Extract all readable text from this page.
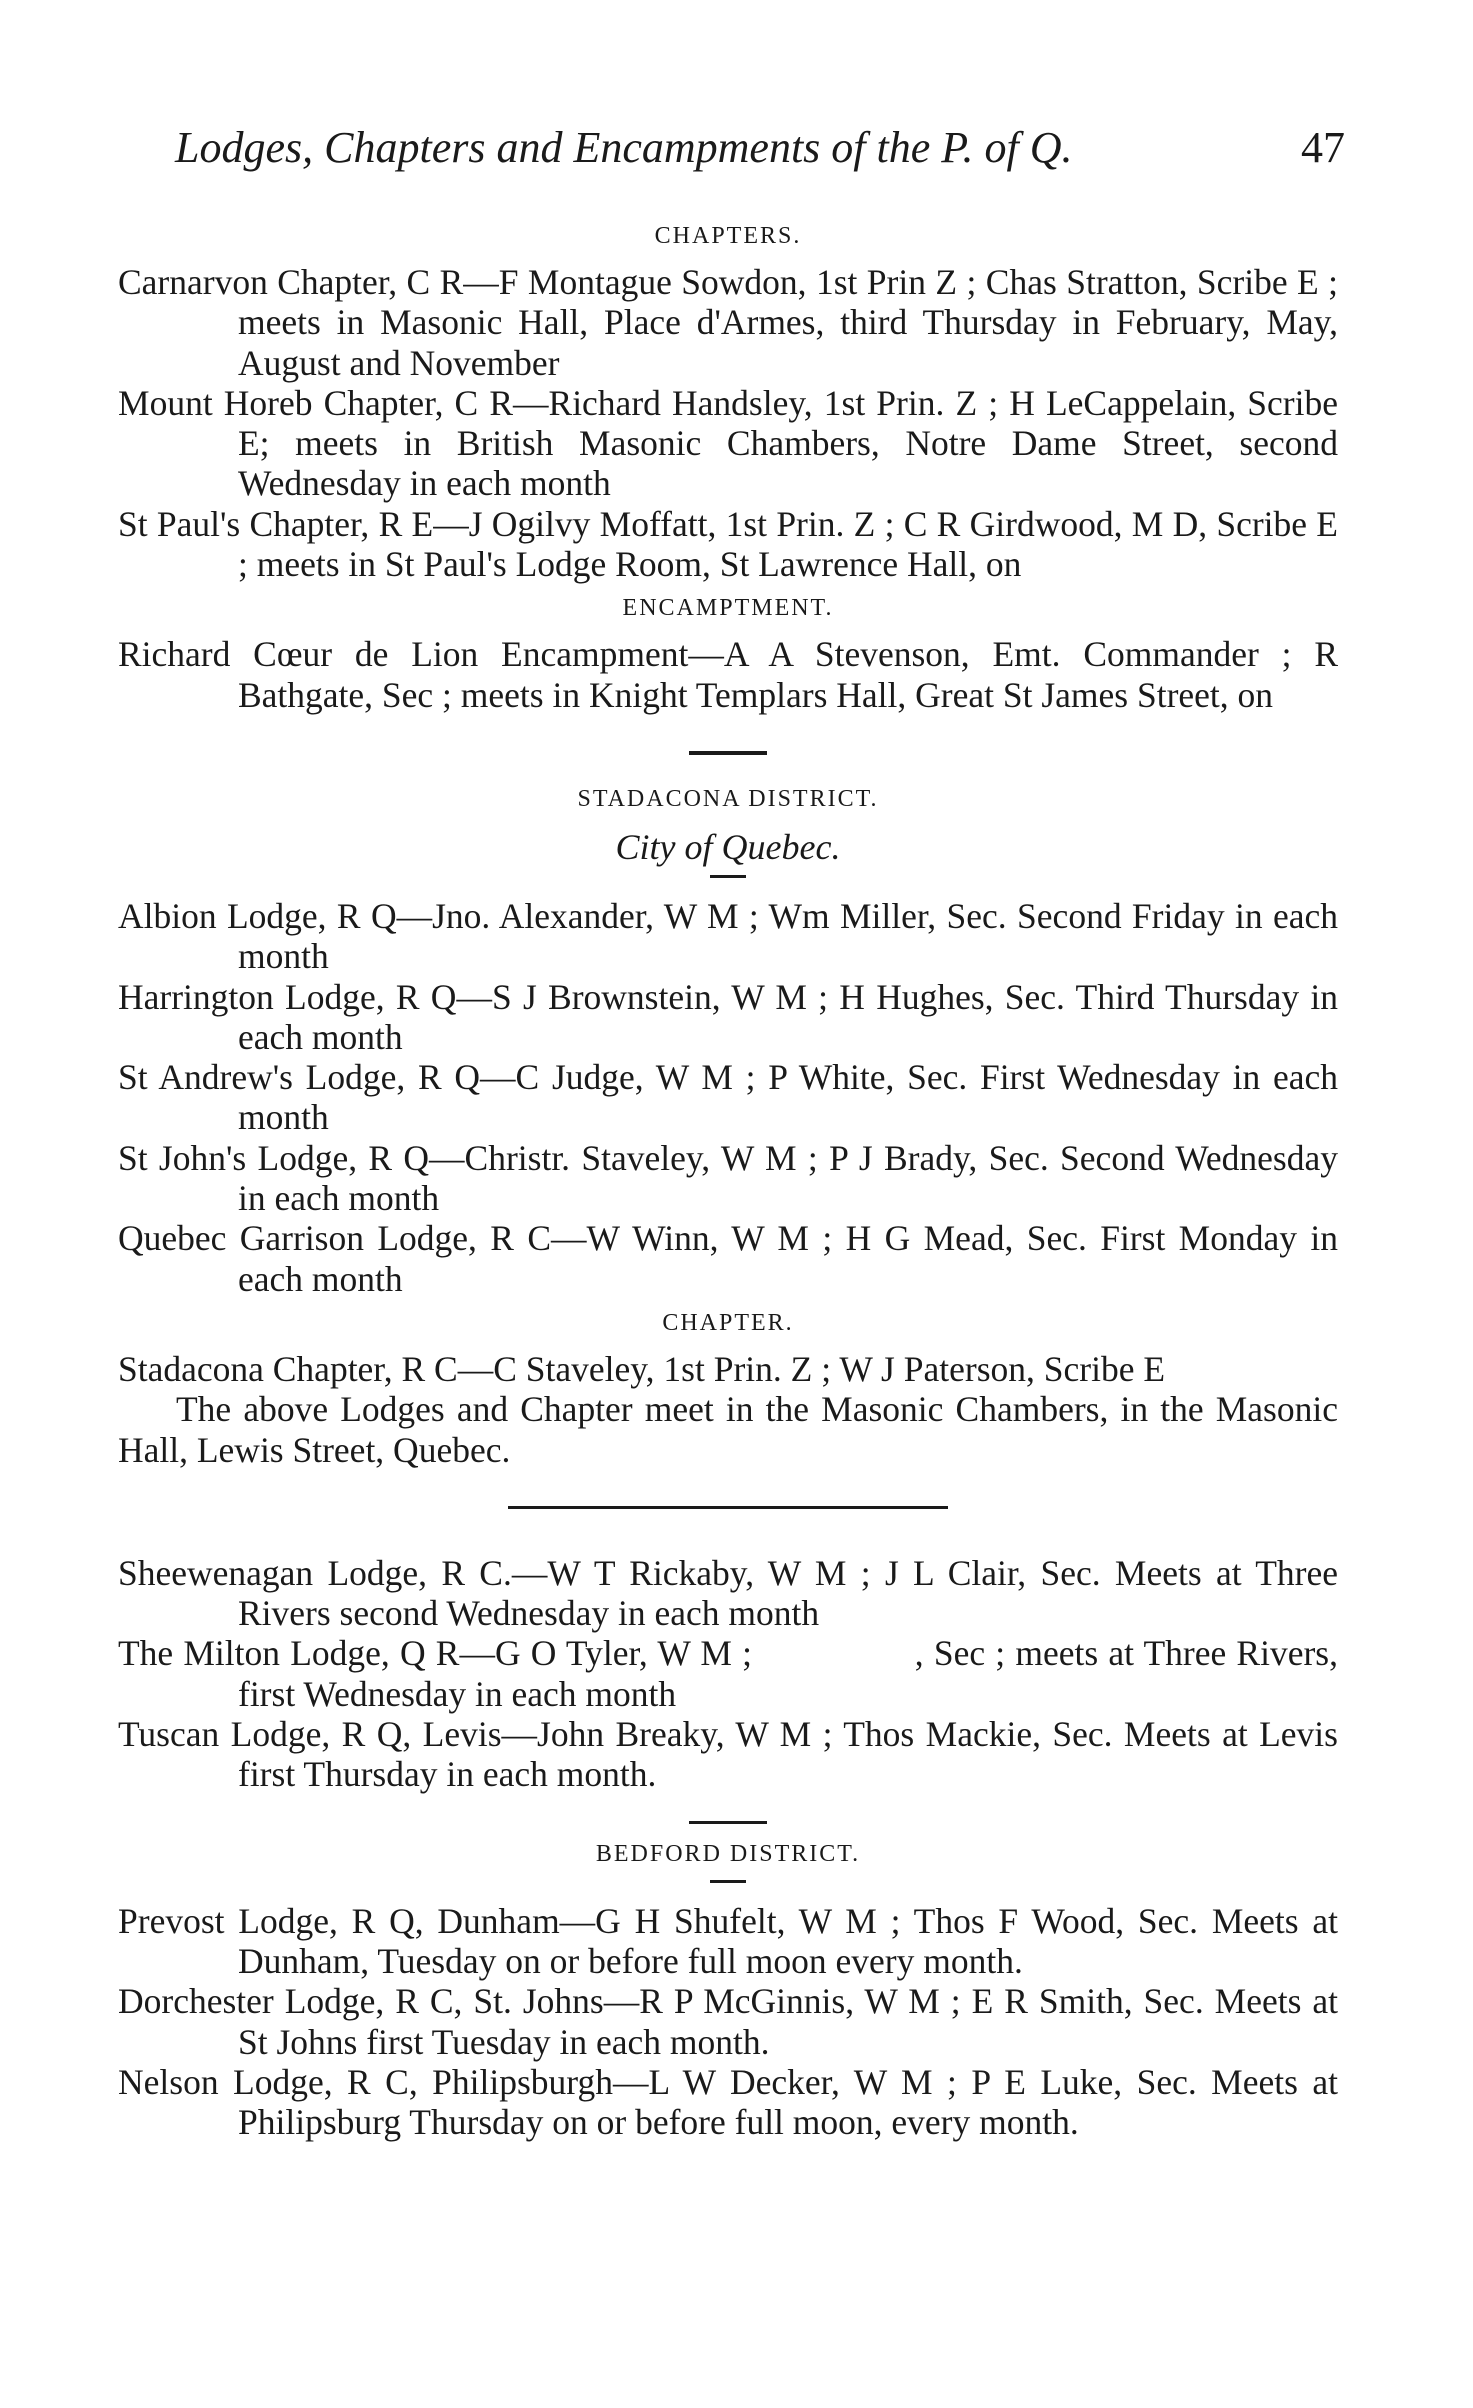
Lodges, Chapters and Encampments of the P. of Q.	47
CHAPTERS.

Carnarvon Chapter, C R—F Montague Sowdon, 1st Prin Z ; Chas Stratton, Scribe E ; meets in Masonic Hall, Place d'Armes, third Thursday in February, May, August and November

Mount Horeb Chapter, C R—Richard Handsley, 1st Prin. Z ; H LeCappelain, Scribe E; meets in British Masonic Chambers, Notre Dame Street, second Wednesday in each month

St Paul's Chapter, R E—J Ogilvy Moffatt, 1st Prin. Z ; C R Girdwood, M D, Scribe E ; meets in St Paul's Lodge Room, St Lawrence Hall, on

ENCAMPTMENT.

Richard Cœur de Lion Encampment—A A Stevenson, Emt. Commander ; R Bathgate, Sec ; meets in Knight Templars Hall, Great St James Street, on

STADACONA DISTRICT.
City of Quebec.

Albion Lodge, R Q—Jno. Alexander, W M ; Wm Miller, Sec. Second Friday in each month

Harrington Lodge, R Q—S J Brownstein, W M ; H Hughes, Sec. Third Thursday in each month

St Andrew's Lodge, R Q—C Judge, W M ; P White, Sec. First Wednesday in each month

St John's Lodge, R Q—Christr. Staveley, W M ; P J Brady, Sec. Second Wednesday in each month

Quebec Garrison Lodge, R C—W Winn, W M ; H G Mead, Sec. First Monday in each month

CHAPTER.

Stadacona Chapter, R C—C Staveley, 1st Prin. Z ; W J Paterson, Scribe E

The above Lodges and Chapter meet in the Masonic Chambers, in the Masonic Hall, Lewis Street, Quebec.

Sheewenagan Lodge, R C.—W T Rickaby, W M ; J L Clair, Sec. Meets at Three Rivers second Wednesday in each month

The Milton Lodge, Q R—G O Tyler, W M ;                , Sec ; meets at Three Rivers, first Wednesday in each month

Tuscan Lodge, R Q, Levis—John Breaky, W M ; Thos Mackie, Sec. Meets at Levis first Thursday in each month.

BEDFORD DISTRICT.

Prevost Lodge, R Q, Dunham—G H Shufelt, W M ; Thos F Wood, Sec. Meets at Dunham, Tuesday on or before full moon every month.

Dorchester Lodge, R C, St. Johns—R P McGinnis, W M ; E R Smith, Sec. Meets at St Johns first Tuesday in each month.

Nelson Lodge, R C, Philipsburgh—L W Decker, W M ; P E Luke, Sec. Meets at Philipsburg Thursday on or before full moon, every month.
